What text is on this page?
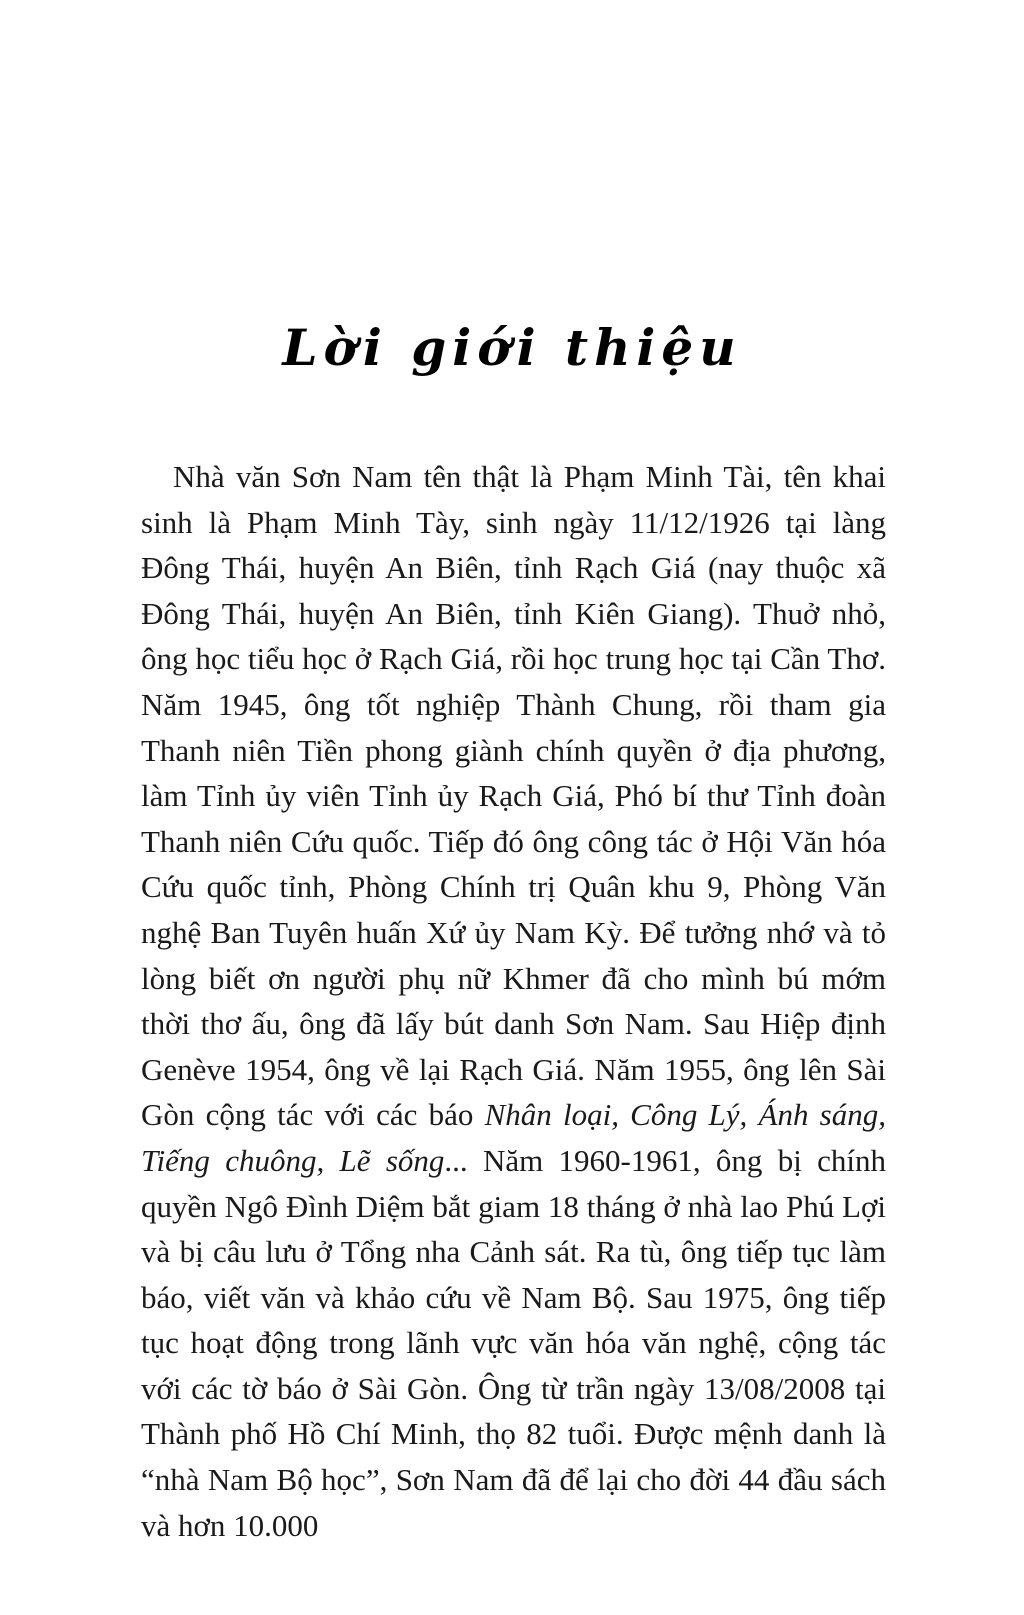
Lời giới thiệu

Nhà văn Sơn Nam tên thật là Phạm Minh Tài, tên khai sinh là Phạm Minh Tày, sinh ngày 11/12/1926 tại làng Đông Thái, huyện An Biên, tỉnh Rạch Giá (nay thuộc xã Đông Thái, huyện An Biên, tỉnh Kiên Giang). Thuở nhỏ, ông học tiểu học ở Rạch Giá, rồi học trung học tại Cần Thơ. Năm 1945, ông tốt nghiệp Thành Chung, rồi tham gia Thanh niên Tiền phong giành chính quyền ở địa phương, làm Tỉnh ủy viên Tỉnh ủy Rạch Giá, Phó bí thư Tỉnh đoàn Thanh niên Cứu quốc. Tiếp đó ông công tác ở Hội Văn hóa Cứu quốc tỉnh, Phòng Chính trị Quân khu 9, Phòng Văn nghệ Ban Tuyên huấn Xứ ủy Nam Kỳ. Để tưởng nhớ và tỏ lòng biết ơn người phụ nữ Khmer đã cho mình bú mớm thời thơ ấu, ông đã lấy bút danh Sơn Nam. Sau Hiệp định Genève 1954, ông về lại Rạch Giá. Năm 1955, ông lên Sài Gòn cộng tác với các báo Nhân loại, Công Lý, Ánh sáng, Tiếng chuông, Lẽ sống... Năm 1960-1961, ông bị chính quyền Ngô Đình Diệm bắt giam 18 tháng ở nhà lao Phú Lợi và bị câu lưu ở Tổng nha Cảnh sát. Ra tù, ông tiếp tục làm báo, viết văn và khảo cứu về Nam Bộ. Sau 1975, ông tiếp tục hoạt động trong lãnh vực văn hóa văn nghệ, cộng tác với các tờ báo ở Sài Gòn. Ông từ trần ngày 13/08/2008 tại Thành phố Hồ Chí Minh, thọ 82 tuổi. Được mệnh danh là “nhà Nam Bộ học”, Sơn Nam đã để lại cho đời 44 đầu sách và hơn 10.000
